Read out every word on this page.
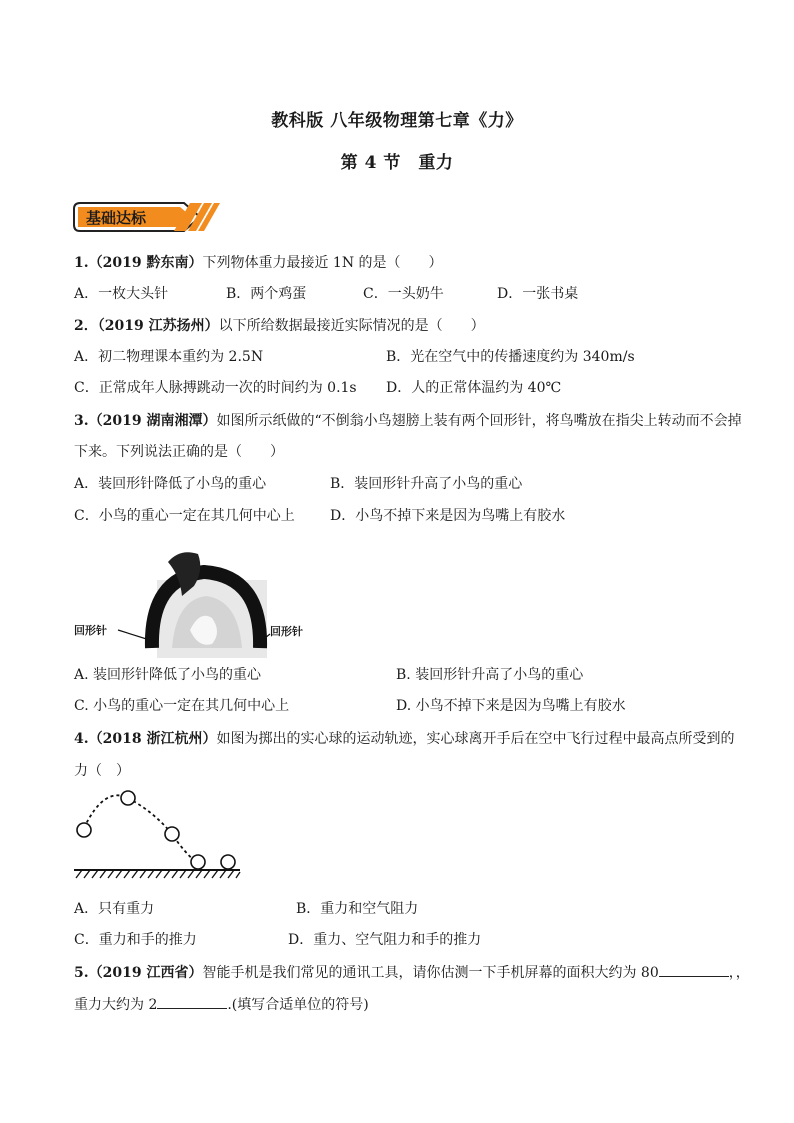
教科版 八年级物理第七章《力》
第 4 节　重力
基础达标
1.（2019 黔东南）下列物体重力最接近 1N 的是（　　）
A．一枚大头针	B．两个鸡蛋	C．一头奶牛	D．一张书桌
2．（2019 江苏扬州）以下所给数据最接近实际情况的是（　　）
A．初二物理课本重约为 2.5N	B．光在空气中的传播速度约为 340m/s
C．正常成年人脉搏跳动一次的时间约为 0.1s D．人的正常体温约为 40℃
3.（2019 湖南湘潭）如图所示纸做的“不倒翁小鸟翅膀上装有两个回形针，将鸟嘴放在指尖上转动而不会掉
下来。下列说法正确的是（　　）
A．装回形针降低了小鸟的重心	B．装回形针升高了小鸟的重心
C．小鸟的重心一定在其几何中心上	D．小鸟不掉下来是因为鸟嘴上有胶水
回形针	回形针
A. 装回形针降低了小鸟的重心	B. 装回形针升高了小鸟的重心
C. 小鸟的重心一定在其几何中心上	D. 小鸟不掉下来是因为鸟嘴上有胶水
4.（2018 浙江杭州）如图为掷出的实心球的运动轨迹，实心球离开手后在空中飞行过程中最高点所受到的
力（　）
A．只有重力	B．重力和空气阻力
C．重力和手的推力	D．重力、空气阻力和手的推力
5.（2019 江西省）智能手机是我们常见的通讯工具，请你估测一下手机屏幕的面积大约为 80	，，
重力大约为 2	.(填写合适单位的符号)
